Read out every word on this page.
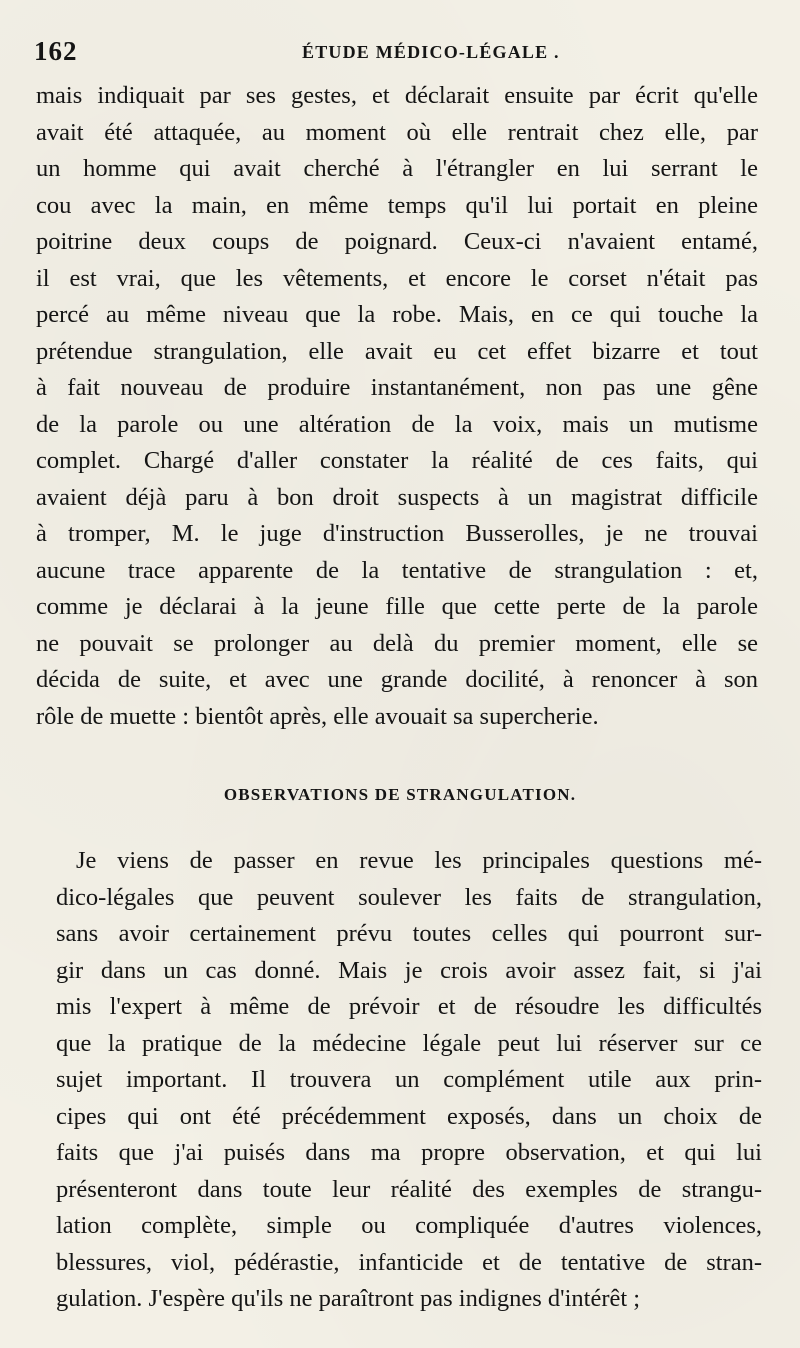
162	ÉTUDE MÉDICO-LÉGALE .
mais indiquait par ses gestes, et déclarait ensuite par écrit qu'elle
avait été attaquée, au moment où elle rentrait chez elle, par
un homme qui avait cherché à l'étrangler en lui serrant le
cou avec la main, en même temps qu'il lui portait en pleine
poitrine deux coups de poignard. Ceux-ci n'avaient entamé,
il est vrai, que les vêtements, et encore le corset n'était pas
percé au même niveau que la robe. Mais, en ce qui touche la
prétendue strangulation, elle avait eu cet effet bizarre et tout
à fait nouveau de produire instantanément, non pas une gêne
de la parole ou une altération de la voix, mais un mutisme
complet. Chargé d'aller constater la réalité de ces faits, qui
avaient déjà paru à bon droit suspects à un magistrat difficile
à tromper, M. le juge d'instruction Busserolles, je ne trouvai
aucune trace apparente de la tentative de strangulation : et,
comme je déclarai à la jeune fille que cette perte de la parole
ne pouvait se prolonger au delà du premier moment, elle se
décida de suite, et avec une grande docilité, à renoncer à son
rôle de muette : bientôt après, elle avouait sa supercherie.
OBSERVATIONS DE STRANGULATION.
Je viens de passer en revue les principales questions mé-
dico-légales que peuvent soulever les faits de strangulation,
sans avoir certainement prévu toutes celles qui pourront sur-
gir dans un cas donné. Mais je crois avoir assez fait, si j'ai
mis l'expert à même de prévoir et de résoudre les difficultés
que la pratique de la médecine légale peut lui réserver sur ce
sujet important. Il trouvera un complément utile aux prin-
cipes qui ont été précédemment exposés, dans un choix de
faits que j'ai puisés dans ma propre observation, et qui lui
présenteront dans toute leur réalité des exemples de strangu-
lation complète, simple ou compliquée d'autres violences,
blessures, viol, pédérastie, infanticide et de tentative de stran-
gulation. J'espère qu'ils ne paraîtront pas indignes d'intérêt ;
